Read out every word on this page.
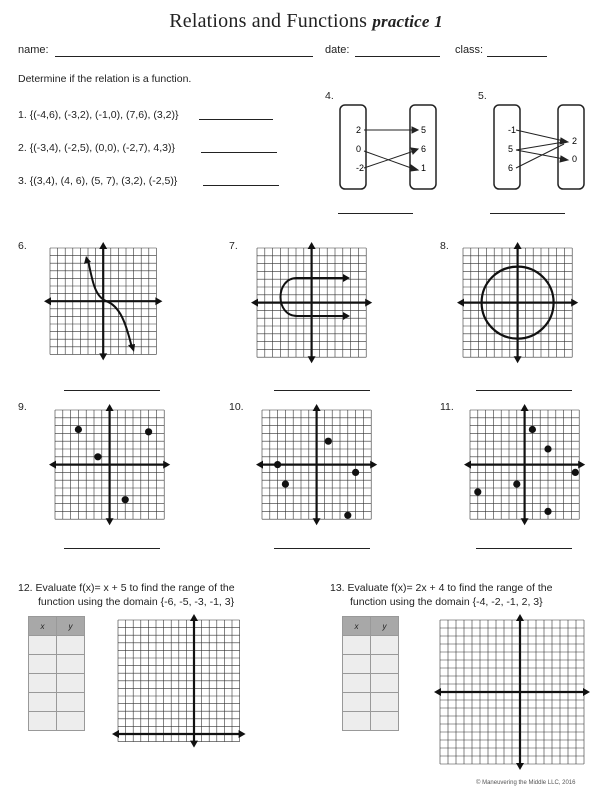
Relations and Functions practice 1
name:	date:	class:
Determine if the relation is a function.
1. {(-4,6), (-3,2), (-1,0), (7,6), (3,2)}
2. {(-3,4), (-2,5), (0,0), (-2,7), 4,3)}
3. {(3,4), (4, 6), (5, 7), (3,2), (-2,5)}
4.
2
0
-2
5
6
1
5.
-1
5
6
2
0
6.	7.	8.
9.	10.	11.
12. Evaluate f(x)= x + 5 to find the range of the
function using the domain {-6, -5, -3, -1, 3}
13. Evaluate f(x)= 2x + 4 to find the range of the
function using the domain {-4, -2, -1, 2, 3}
x	y

		x	y

© Maneuvering the Middle LLC, 2016
